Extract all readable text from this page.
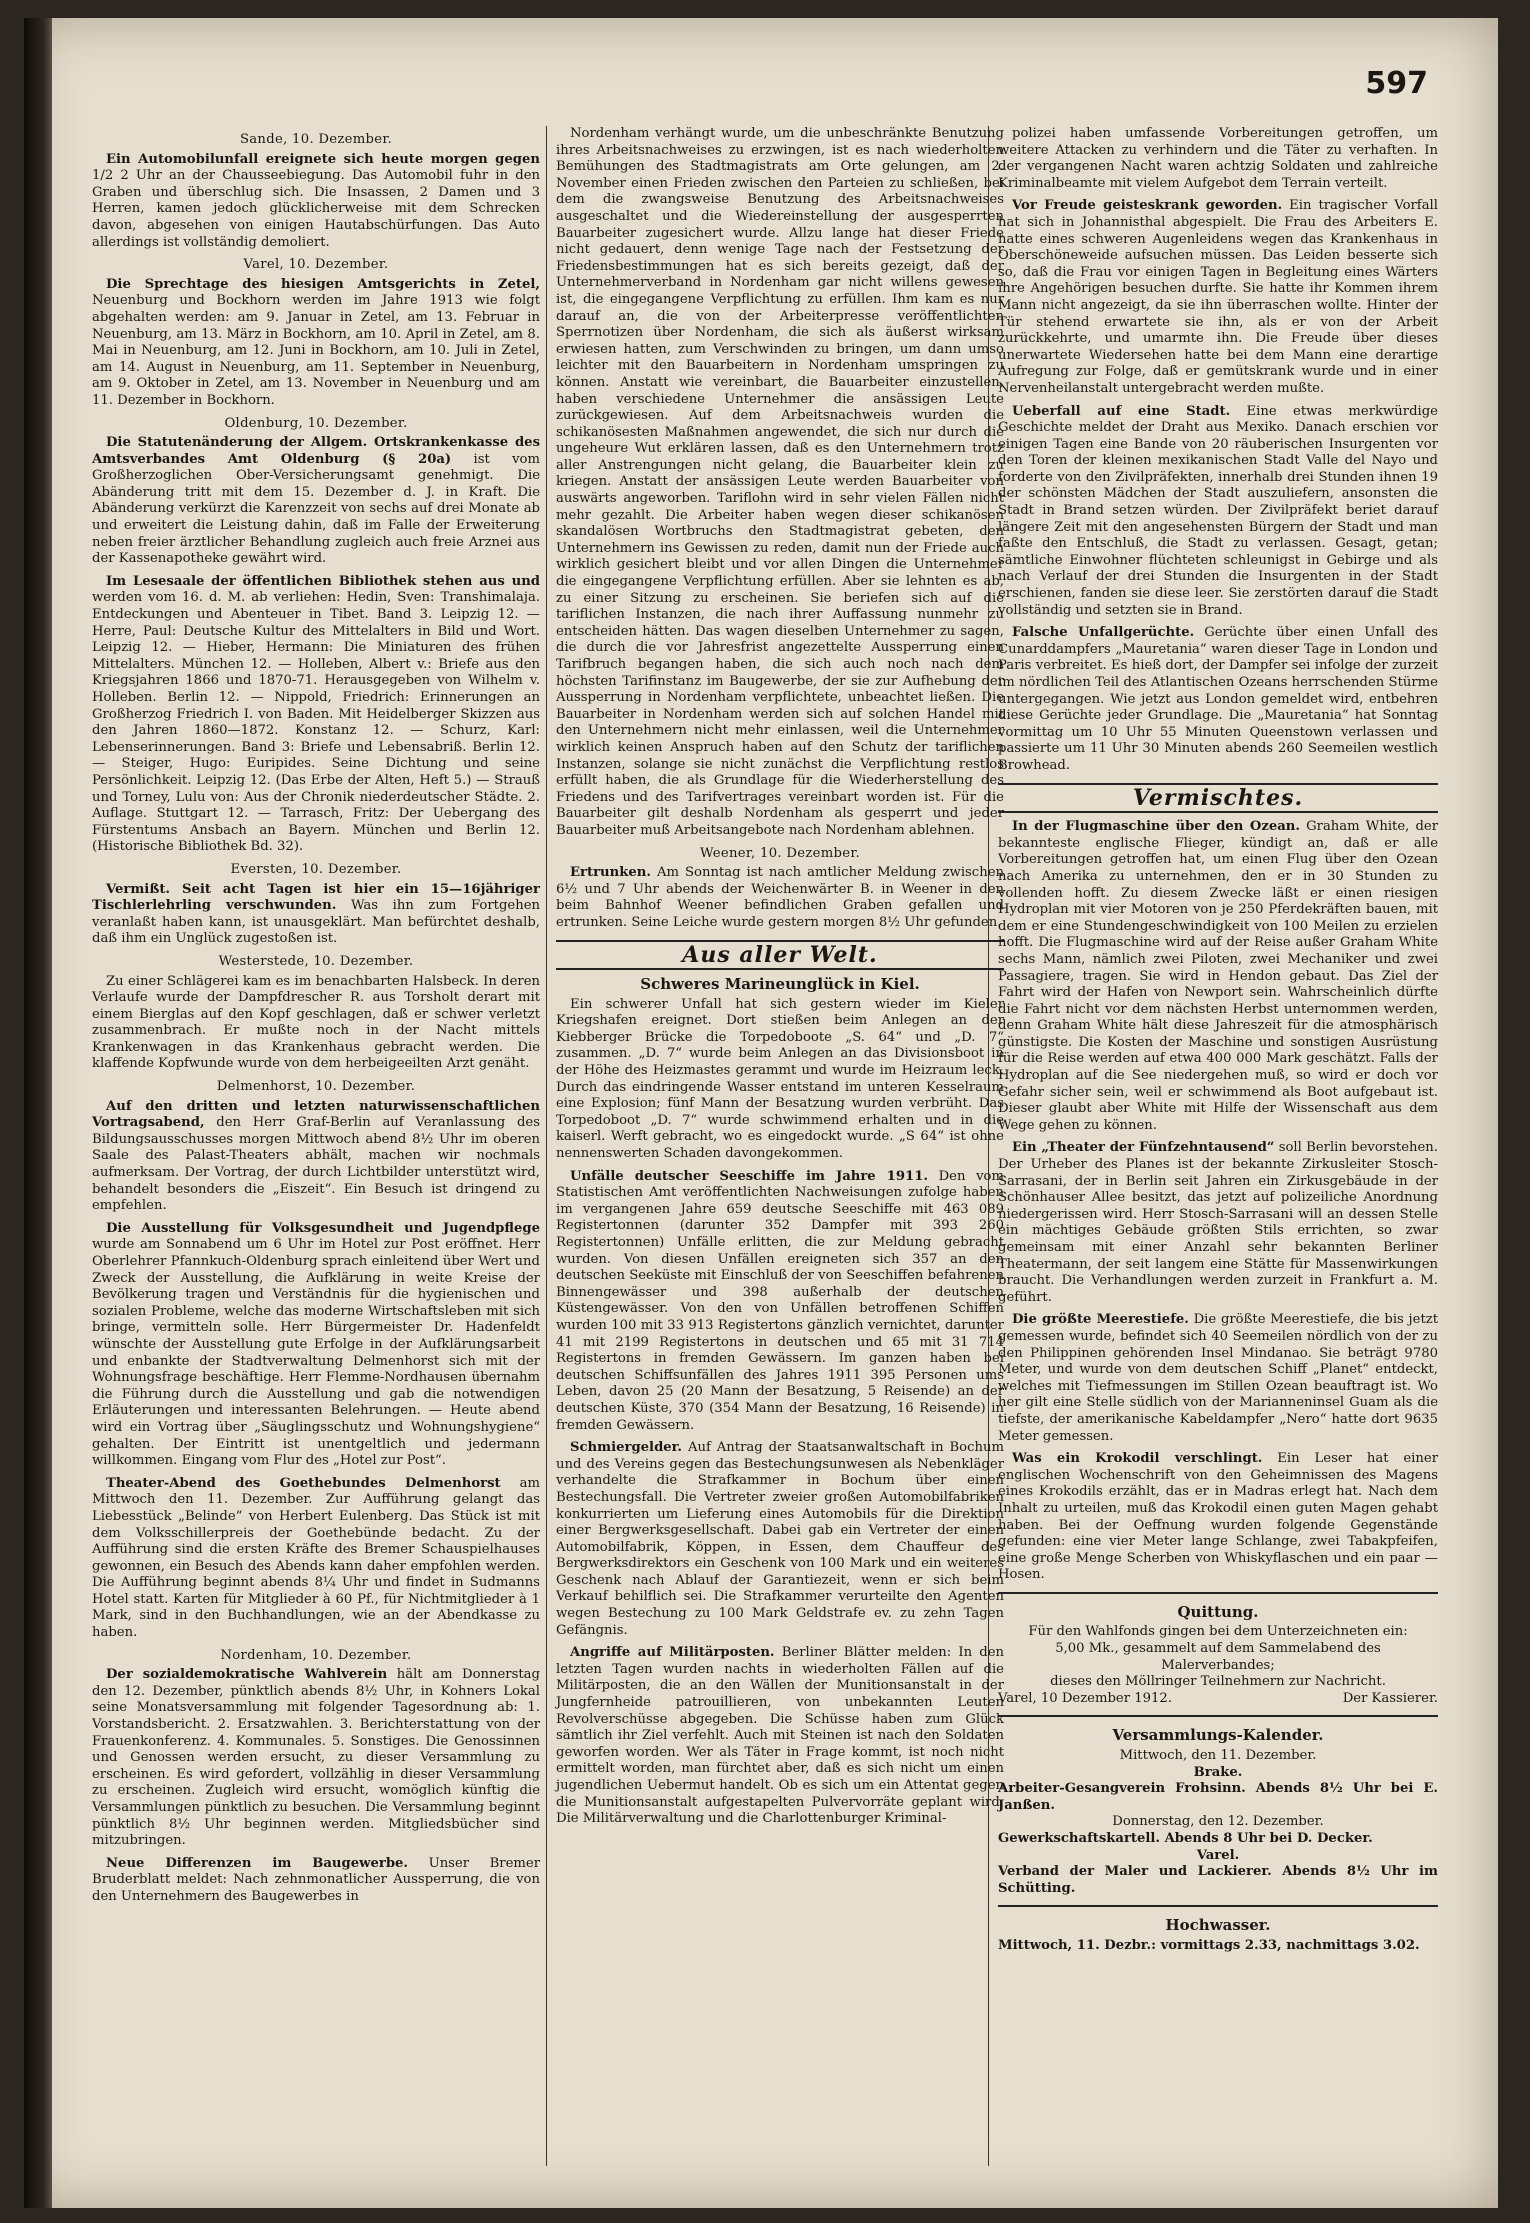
597
Sande, 10. Dezember.

Ein Automobilunfall ereignete sich heute morgen gegen 1/2 2 Uhr an der Chausseebiegung. Das Automobil fuhr in den Graben und überschlug sich. Die Insassen, 2 Damen und 3 Herren, kamen jedoch glücklicherweise mit dem Schrecken davon, abgesehen von einigen Hautabschürfungen. Das Auto allerdings ist vollständig demoliert.

Varel, 10. Dezember.

Die Sprechtage des hiesigen Amtsgerichts in Zetel, Neuenburg und Bockhorn werden im Jahre 1913 wie folgt abgehalten werden: am 9. Januar in Zetel, am 13. Februar in Neuenburg, am 13. März in Bockhorn, am 10. April in Zetel, am 8. Mai in Neuenburg, am 12. Juni in Bockhorn, am 10. Juli in Zetel, am 14. August in Neuenburg, am 11. September in Neuenburg, am 9. Oktober in Zetel, am 13. November in Neuenburg und am 11. Dezember in Bockhorn.

Oldenburg, 10. Dezember.

Die Statutenänderung der Allgem. Ortskrankenkasse des Amtsverbandes Amt Oldenburg (§ 20a) ist vom Großherzoglichen Ober-Versicherungsamt genehmigt. Die Abänderung tritt mit dem 15. Dezember d. J. in Kraft. Die Abänderung verkürzt die Karenzzeit von sechs auf drei Monate ab und erweitert die Leistung dahin, daß im Falle der Erweiterung neben freier ärztlicher Behandlung zugleich auch freie Arznei aus der Kassenapotheke gewährt wird.

Im Lesesaale der öffentlichen Bibliothek stehen aus und werden vom 16. d. M. ab verliehen: Hedin, Sven: Transhimalaja. Entdeckungen und Abenteuer in Tibet. Band 3. Leipzig 12. — Herre, Paul: Deutsche Kultur des Mittelalters in Bild und Wort. Leipzig 12. — Hieber, Hermann: Die Miniaturen des frühen Mittelalters. München 12. — Holleben, Albert v.: Briefe aus den Kriegsjahren 1866 und 1870-71. Herausgegeben von Wilhelm v. Holleben. Berlin 12. — Nippold, Friedrich: Erinnerungen an Großherzog Friedrich I. von Baden. Mit Heidelberger Skizzen aus den Jahren 1860—1872. Konstanz 12. — Schurz, Karl: Lebenserinnerungen. Band 3: Briefe und Lebensabriß. Berlin 12. — Steiger, Hugo: Euripides. Seine Dichtung und seine Persönlichkeit. Leipzig 12. (Das Erbe der Alten, Heft 5.) — Strauß und Torney, Lulu von: Aus der Chronik niederdeutscher Städte. 2. Auflage. Stuttgart 12. — Tarrasch, Fritz: Der Uebergang des Fürstentums Ansbach an Bayern. München und Berlin 12. (Historische Bibliothek Bd. 32).

Eversten, 10. Dezember.

Vermißt. Seit acht Tagen ist hier ein 15—16jähriger Tischlerlehrling verschwunden. Was ihn zum Fortgehen veranlaßt haben kann, ist unausgeklärt. Man befürchtet deshalb, daß ihm ein Unglück zugestoßen ist.

Westerstede, 10. Dezember.

Zu einer Schlägerei kam es im benachbarten Halsbeck. In deren Verlaufe wurde der Dampfdrescher R. aus Torsholt derart mit einem Bierglas auf den Kopf geschlagen, daß er schwer verletzt zusammenbrach. Er mußte noch in der Nacht mittels Krankenwagen in das Krankenhaus gebracht werden. Die klaffende Kopfwunde wurde von dem herbeigeeilten Arzt genäht.

Delmenhorst, 10. Dezember.

Auf den dritten und letzten naturwissenschaftlichen Vortragsabend, den Herr Graf-Berlin auf Veranlassung des Bildungsausschusses morgen Mittwoch abend 8½ Uhr im oberen Saale des Palast-Theaters abhält, machen wir nochmals aufmerksam. Der Vortrag, der durch Lichtbilder unterstützt wird, behandelt besonders die „Eiszeit“. Ein Besuch ist dringend zu empfehlen.

Die Ausstellung für Volksgesundheit und Jugendpflege wurde am Sonnabend um 6 Uhr im Hotel zur Post eröffnet. Herr Oberlehrer Pfannkuch-Oldenburg sprach einleitend über Wert und Zweck der Ausstellung, die Aufklärung in weite Kreise der Bevölkerung tragen und Verständnis für die hygienischen und sozialen Probleme, welche das moderne Wirtschaftsleben mit sich bringe, vermitteln solle. Herr Bürgermeister Dr. Hadenfeldt wünschte der Ausstellung gute Erfolge in der Aufklärungsarbeit und enbankte der Stadtverwaltung Delmenhorst sich mit der Wohnungsfrage beschäftige. Herr Flemme-Nordhausen übernahm die Führung durch die Ausstellung und gab die notwendigen Erläuterungen und interessanten Belehrungen. — Heute abend wird ein Vortrag über „Säuglingsschutz und Wohnungshygiene“ gehalten. Der Eintritt ist unentgeltlich und jedermann willkommen. Eingang vom Flur des „Hotel zur Post“.

Theater-Abend des Goethebundes Delmenhorst am Mittwoch den 11. Dezember. Zur Aufführung gelangt das Liebesstück „Belinde“ von Herbert Eulenberg. Das Stück ist mit dem Volksschillerpreis der Goethebünde bedacht. Zu der Aufführung sind die ersten Kräfte des Bremer Schauspielhauses gewonnen, ein Besuch des Abends kann daher empfohlen werden. Die Aufführung beginnt abends 8¼ Uhr und findet in Sudmanns Hotel statt. Karten für Mitglieder à 60 Pf., für Nichtmitglieder à 1 Mark, sind in den Buchhandlungen, wie an der Abendkasse zu haben.

Nordenham, 10. Dezember.

Der sozialdemokratische Wahlverein hält am Donnerstag den 12. Dezember, pünktlich abends 8½ Uhr, in Kohners Lokal seine Monatsversammlung mit folgender Tagesordnung ab: 1. Vorstandsbericht. 2. Ersatzwahlen. 3. Berichterstattung von der Frauenkonferenz. 4. Kommunales. 5. Sonstiges. Die Genossinnen und Genossen werden ersucht, zu dieser Versammlung zu erscheinen. Es wird gefordert, vollzählig in dieser Versammlung zu erscheinen. Zugleich wird ersucht, womöglich künftig die Versammlungen pünktlich zu besuchen. Die Versammlung beginnt pünktlich 8½ Uhr beginnen werden. Mitgliedsbücher sind mitzubringen.

Neue Differenzen im Baugewerbe. Unser Bremer Bruderblatt meldet: Nach zehnmonatlicher Aussperrung, die von den Unternehmern des Baugewerbes in

Nordenham verhängt wurde, um die unbeschränkte Benutzung ihres Arbeitsnachweises zu erzwingen, ist es nach wiederholten Bemühungen des Stadtmagistrats am Orte gelungen, am 2. November einen Frieden zwischen den Parteien zu schließen, bei dem die zwangsweise Benutzung des Arbeitsnachweises ausgeschaltet und die Wiedereinstellung der ausgesperrten Bauarbeiter zugesichert wurde. Allzu lange hat dieser Friede nicht gedauert, denn wenige Tage nach der Festsetzung der Friedensbestimmungen hat es sich bereits gezeigt, daß der Unternehmerverband in Nordenham gar nicht willens gewesen ist, die eingegangene Verpflichtung zu erfüllen. Ihm kam es nur darauf an, die von der Arbeiterpresse veröffentlichten Sperrnotizen über Nordenham, die sich als äußerst wirksam erwiesen hatten, zum Verschwinden zu bringen, um dann umso leichter mit den Bauarbeitern in Nordenham umspringen zu können. Anstatt wie vereinbart, die Bauarbeiter einzustellen, haben verschiedene Unternehmer die ansässigen Leute zurückgewiesen. Auf dem Arbeitsnachweis wurden die schikanösesten Maßnahmen angewendet, die sich nur durch die ungeheure Wut erklären lassen, daß es den Unternehmern trotz aller Anstrengungen nicht gelang, die Bauarbeiter klein zu kriegen. Anstatt der ansässigen Leute werden Bauarbeiter von auswärts angeworben. Tariflohn wird in sehr vielen Fällen nicht mehr gezahlt. Die Arbeiter haben wegen dieser schikanösen skandalösen Wortbruchs den Stadtmagistrat gebeten, den Unternehmern ins Gewissen zu reden, damit nun der Friede auch wirklich gesichert bleibt und vor allen Dingen die Unternehmer die eingegangene Verpflichtung erfüllen. Aber sie lehnten es ab, zu einer Sitzung zu erscheinen. Sie beriefen sich auf die tariflichen Instanzen, die nach ihrer Auffassung nunmehr zu entscheiden hätten. Das wagen dieselben Unternehmer zu sagen, die durch die vor Jahresfrist angezettelte Aussperrung einen Tarifbruch begangen haben, die sich auch noch nach dem höchsten Tarifinstanz im Baugewerbe, der sie zur Aufhebung der Aussperrung in Nordenham verpflichtete, unbeachtet ließen. Die Bauarbeiter in Nordenham werden sich auf solchen Handel mit den Unternehmern nicht mehr einlassen, weil die Unternehmer wirklich keinen Anspruch haben auf den Schutz der tariflichen Instanzen, solange sie nicht zunächst die Verpflichtung restlos erfüllt haben, die als Grundlage für die Wiederherstellung des Friedens und des Tarifvertrages vereinbart worden ist. Für die Bauarbeiter gilt deshalb Nordenham als gesperrt und jeder Bauarbeiter muß Arbeitsangebote nach Nordenham ablehnen.

Weener, 10. Dezember.

Ertrunken. Am Sonntag ist nach amtlicher Meldung zwischen 6½ und 7 Uhr abends der Weichenwärter B. in Weener in den beim Bahnhof Weener befindlichen Graben gefallen und ertrunken. Seine Leiche wurde gestern morgen 8½ Uhr gefunden.

Aus aller Welt.
Schweres Marineunglück in Kiel.

Ein schwerer Unfall hat sich gestern wieder im Kieler Kriegshafen ereignet. Dort stießen beim Anlegen an der Kiebberger Brücke die Torpedoboote „S. 64“ und „D. 7“ zusammen. „D. 7“ wurde beim Anlegen an das Divisionsboot in der Höhe des Heizmastes gerammt und wurde im Heizraum leck. Durch das eindringende Wasser entstand im unteren Kesselraum eine Explosion; fünf Mann der Besatzung wurden verbrüht. Das Torpedoboot „D. 7“ wurde schwimmend erhalten und in die kaiserl. Werft gebracht, wo es eingedockt wurde. „S 64“ ist ohne nennenswerten Schaden davongekommen.

Unfälle deutscher Seeschiffe im Jahre 1911. Den vom Statistischen Amt veröffentlichten Nachweisungen zufolge haben im vergangenen Jahre 659 deutsche Seeschiffe mit 463 089 Registertonnen (darunter 352 Dampfer mit 393 260 Registertonnen) Unfälle erlitten, die zur Meldung gebracht wurden. Von diesen Unfällen ereigneten sich 357 an den deutschen Seeküste mit Einschluß der von Seeschiffen befahrenen Binnengewässer und 398 außerhalb der deutschen Küstengewässer. Von den von Unfällen betroffenen Schiffen wurden 100 mit 33 913 Registertons gänzlich vernichtet, darunter 41 mit 2199 Registertons in deutschen und 65 mit 31 714 Registertons in fremden Gewässern. Im ganzen haben bei deutschen Schiffsunfällen des Jahres 1911 395 Personen ums Leben, davon 25 (20 Mann der Besatzung, 5 Reisende) an der deutschen Küste, 370 (354 Mann der Besatzung, 16 Reisende) in fremden Gewässern.

Schmiergelder. Auf Antrag der Staatsanwaltschaft in Bochum und des Vereins gegen das Bestechungsunwesen als Nebenkläger verhandelte die Strafkammer in Bochum über einen Bestechungsfall. Die Vertreter zweier großen Automobilfabriken konkurrierten um Lieferung eines Automobils für die Direktion einer Bergwerksgesellschaft. Dabei gab ein Vertreter der einen Automobilfabrik, Köppen, in Essen, dem Chauffeur des Bergwerksdirektors ein Geschenk von 100 Mark und ein weiteres Geschenk nach Ablauf der Garantiezeit, wenn er sich beim Verkauf behilflich sei. Die Strafkammer verurteilte den Agenten wegen Bestechung zu 100 Mark Geldstrafe ev. zu zehn Tagen Gefängnis.

Angriffe auf Militärposten. Berliner Blätter melden: In den letzten Tagen wurden nachts in wiederholten Fällen auf die Militärposten, die an den Wällen der Munitionsanstalt in der Jungfernheide patrouillieren, von unbekannten Leuten Revolverschüsse abgegeben. Die Schüsse haben zum Glück sämtlich ihr Ziel verfehlt. Auch mit Steinen ist nach den Soldaten geworfen worden. Wer als Täter in Frage kommt, ist noch nicht ermittelt worden, man fürchtet aber, daß es sich nicht um einen jugendlichen Uebermut handelt. Ob es sich um ein Attentat gegen die Munitionsanstalt aufgestapelten Pulvervorräte geplant wird. Die Militärverwaltung und die Charlottenburger Kriminal-

polizei haben umfassende Vorbereitungen getroffen, um weitere Attacken zu verhindern und die Täter zu verhaften. In der vergangenen Nacht waren achtzig Soldaten und zahlreiche Kriminalbeamte mit vielem Aufgebot dem Terrain verteilt.

Vor Freude geisteskrank geworden. Ein tragischer Vorfall hat sich in Johannisthal abgespielt. Die Frau des Arbeiters E. hatte eines schweren Augenleidens wegen das Krankenhaus in Oberschöneweide aufsuchen müssen. Das Leiden besserte sich so, daß die Frau vor einigen Tagen in Begleitung eines Wärters ihre Angehörigen besuchen durfte. Sie hatte ihr Kommen ihrem Mann nicht angezeigt, da sie ihn überraschen wollte. Hinter der Tür stehend erwartete sie ihn, als er von der Arbeit zurückkehrte, und umarmte ihn. Die Freude über dieses unerwartete Wiedersehen hatte bei dem Mann eine derartige Aufregung zur Folge, daß er gemütskrank wurde und in einer Nervenheilanstalt untergebracht werden mußte.

Ueberfall auf eine Stadt. Eine etwas merkwürdige Geschichte meldet der Draht aus Mexiko. Danach erschien vor einigen Tagen eine Bande von 20 räuberischen Insurgenten vor den Toren der kleinen mexikanischen Stadt Valle del Nayo und forderte von den Zivilpräfekten, innerhalb drei Stunden ihnen 19 der schönsten Mädchen der Stadt auszuliefern, ansonsten die Stadt in Brand setzen würden. Der Zivilpräfekt beriet darauf längere Zeit mit den angesehensten Bürgern der Stadt und man faßte den Entschluß, die Stadt zu verlassen. Gesagt, getan; sämtliche Einwohner flüchteten schleunigst in Gebirge und als nach Verlauf der drei Stunden die Insurgenten in der Stadt erschienen, fanden sie diese leer. Sie zerstörten darauf die Stadt vollständig und setzten sie in Brand.

Falsche Unfallgerüchte. Gerüchte über einen Unfall des Cunarddampfers „Mauretania“ waren dieser Tage in London und Paris verbreitet. Es hieß dort, der Dampfer sei infolge der zurzeit im nördlichen Teil des Atlantischen Ozeans herrschenden Stürme untergegangen. Wie jetzt aus London gemeldet wird, entbehren diese Gerüchte jeder Grundlage. Die „Mauretania“ hat Sonntag vormittag um 10 Uhr 55 Minuten Queenstown verlassen und passierte um 11 Uhr 30 Minuten abends 260 Seemeilen westlich Browhead.

Vermischtes.

In der Flugmaschine über den Ozean. Graham White, der bekannteste englische Flieger, kündigt an, daß er alle Vorbereitungen getroffen hat, um einen Flug über den Ozean nach Amerika zu unternehmen, den er in 30 Stunden zu vollenden hofft. Zu diesem Zwecke läßt er einen riesigen Hydroplan mit vier Motoren von je 250 Pferdekräften bauen, mit dem er eine Stundengeschwindigkeit von 100 Meilen zu erzielen hofft. Die Flugmaschine wird auf der Reise außer Graham White sechs Mann, nämlich zwei Piloten, zwei Mechaniker und zwei Passagiere, tragen. Sie wird in Hendon gebaut. Das Ziel der Fahrt wird der Hafen von Newport sein. Wahrscheinlich dürfte die Fahrt nicht vor dem nächsten Herbst unternommen werden, denn Graham White hält diese Jahreszeit für die atmosphärisch günstigste. Die Kosten der Maschine und sonstigen Ausrüstung für die Reise werden auf etwa 400 000 Mark geschätzt. Falls der Hydroplan auf die See niedergehen muß, so wird er doch vor Gefahr sicher sein, weil er schwimmend als Boot aufgebaut ist. Dieser glaubt aber White mit Hilfe der Wissenschaft aus dem Wege gehen zu können.

Ein „Theater der Fünfzehntausend“ soll Berlin bevorstehen. Der Urheber des Planes ist der bekannte Zirkusleiter Stosch-Sarrasani, der in Berlin seit Jahren ein Zirkusgebäude in der Schönhauser Allee besitzt, das jetzt auf polizeiliche Anordnung niedergerissen wird. Herr Stosch-Sarrasani will an dessen Stelle ein mächtiges Gebäude größten Stils errichten, so zwar gemeinsam mit einer Anzahl sehr bekannten Berliner Theatermann, der seit langem eine Stätte für Massenwirkungen braucht. Die Verhandlungen werden zurzeit in Frankfurt a. M. geführt.

Die größte Meerestiefe. Die größte Meerestiefe, die bis jetzt gemessen wurde, befindet sich 40 Seemeilen nördlich von der zu den Philippinen gehörenden Insel Mindanao. Sie beträgt 9780 Meter, und wurde von dem deutschen Schiff „Planet“ entdeckt, welches mit Tiefmessungen im Stillen Ozean beauftragt ist. Wo her gilt eine Stelle südlich von der Marianneninsel Guam als die tiefste, der amerikanische Kabeldampfer „Nero“ hatte dort 9635 Meter gemessen.

Was ein Krokodil verschlingt. Ein Leser hat einer englischen Wochenschrift von den Geheimnissen des Magens eines Krokodils erzählt, das er in Madras erlegt hat. Nach dem Inhalt zu urteilen, muß das Krokodil einen guten Magen gehabt haben. Bei der Oeffnung wurden folgende Gegenstände gefunden: eine vier Meter lange Schlange, zwei Tabakpfeifen, eine große Menge Scherben von Whiskyflaschen und ein paar — Hosen.

Quittung.
Für den Wahlfonds gingen bei dem Unterzeichneten ein:
5,00 Mk., gesammelt auf dem Sammelabend des Malerverbandes;
dieses den Möllringer Teilnehmern zur Nachricht.
Varel, 10 Dezember 1912.	Der Kassierer.
Versammlungs-Kalender.

Mittwoch, den 11. Dezember.

Brake.

Arbeiter-Gesangverein Frohsinn. Abends 8½ Uhr bei E. Janßen.

Donnerstag, den 12. Dezember.

Gewerkschaftskartell. Abends 8 Uhr bei D. Decker.

Varel.

Verband der Maler und Lackierer. Abends 8½ Uhr im Schütting.

Hochwasser.
Mittwoch, 11. Dezbr.: vormittags 2.33, nachmittags 3.02.
